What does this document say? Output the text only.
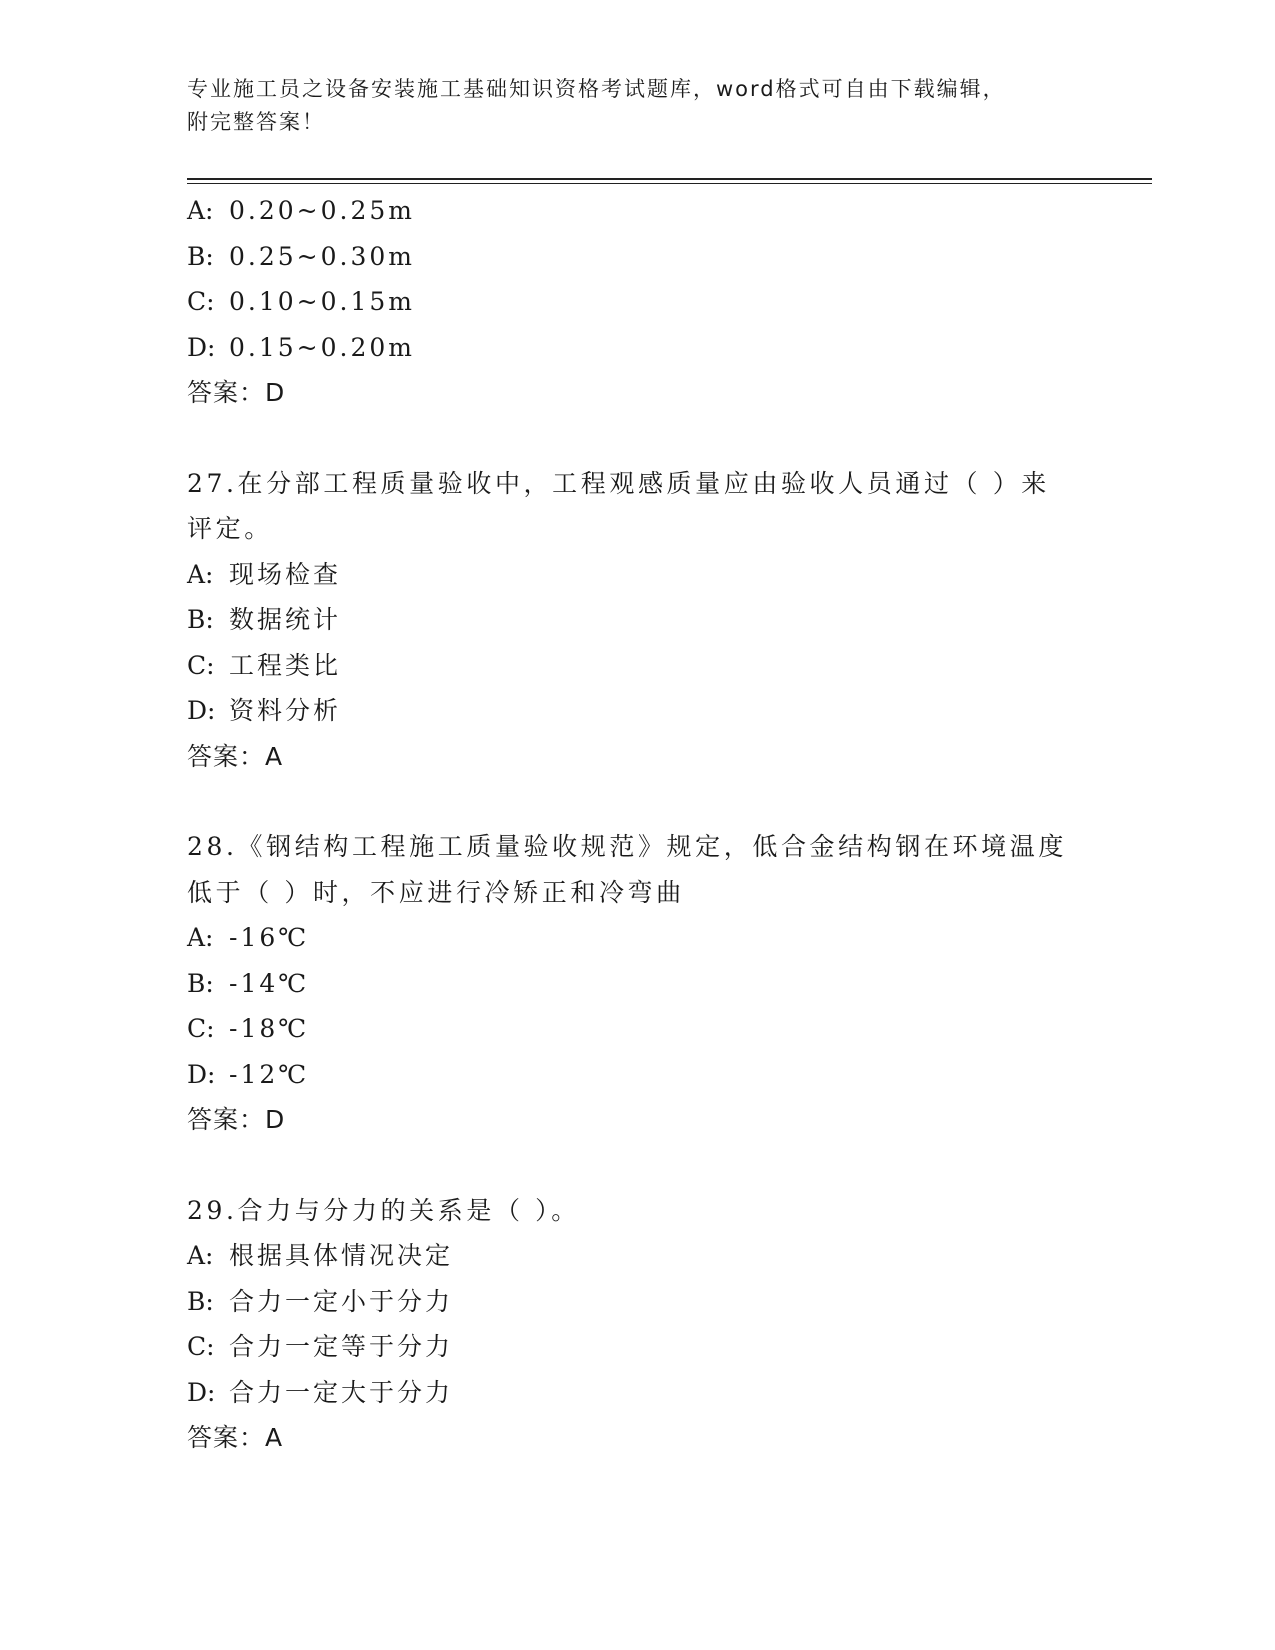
专业施工员之设备安装施工基础知识资格考试题库，word格式可自由下载编辑，
附完整答案！
A: 0.20~0.25m
B: 0.25~0.30m
C: 0.10~0.15m
D: 0.15~0.20m
答案：D
27.在分部工程质量验收中，工程观感质量应由验收人员通过（ ）来
评定。
A: 现场检查
B: 数据统计
C: 工程类比
D: 资料分析
答案：A
28.《钢结构工程施工质量验收规范》规定，低合金结构钢在环境温度
低于（ ）时，不应进行冷矫正和冷弯曲
A: -16℃
B: -14℃
C: -18℃
D: -12℃
答案：D
29.合力与分力的关系是（ ）。
A: 根据具体情况决定
B: 合力一定小于分力
C: 合力一定等于分力
D: 合力一定大于分力
答案：A
